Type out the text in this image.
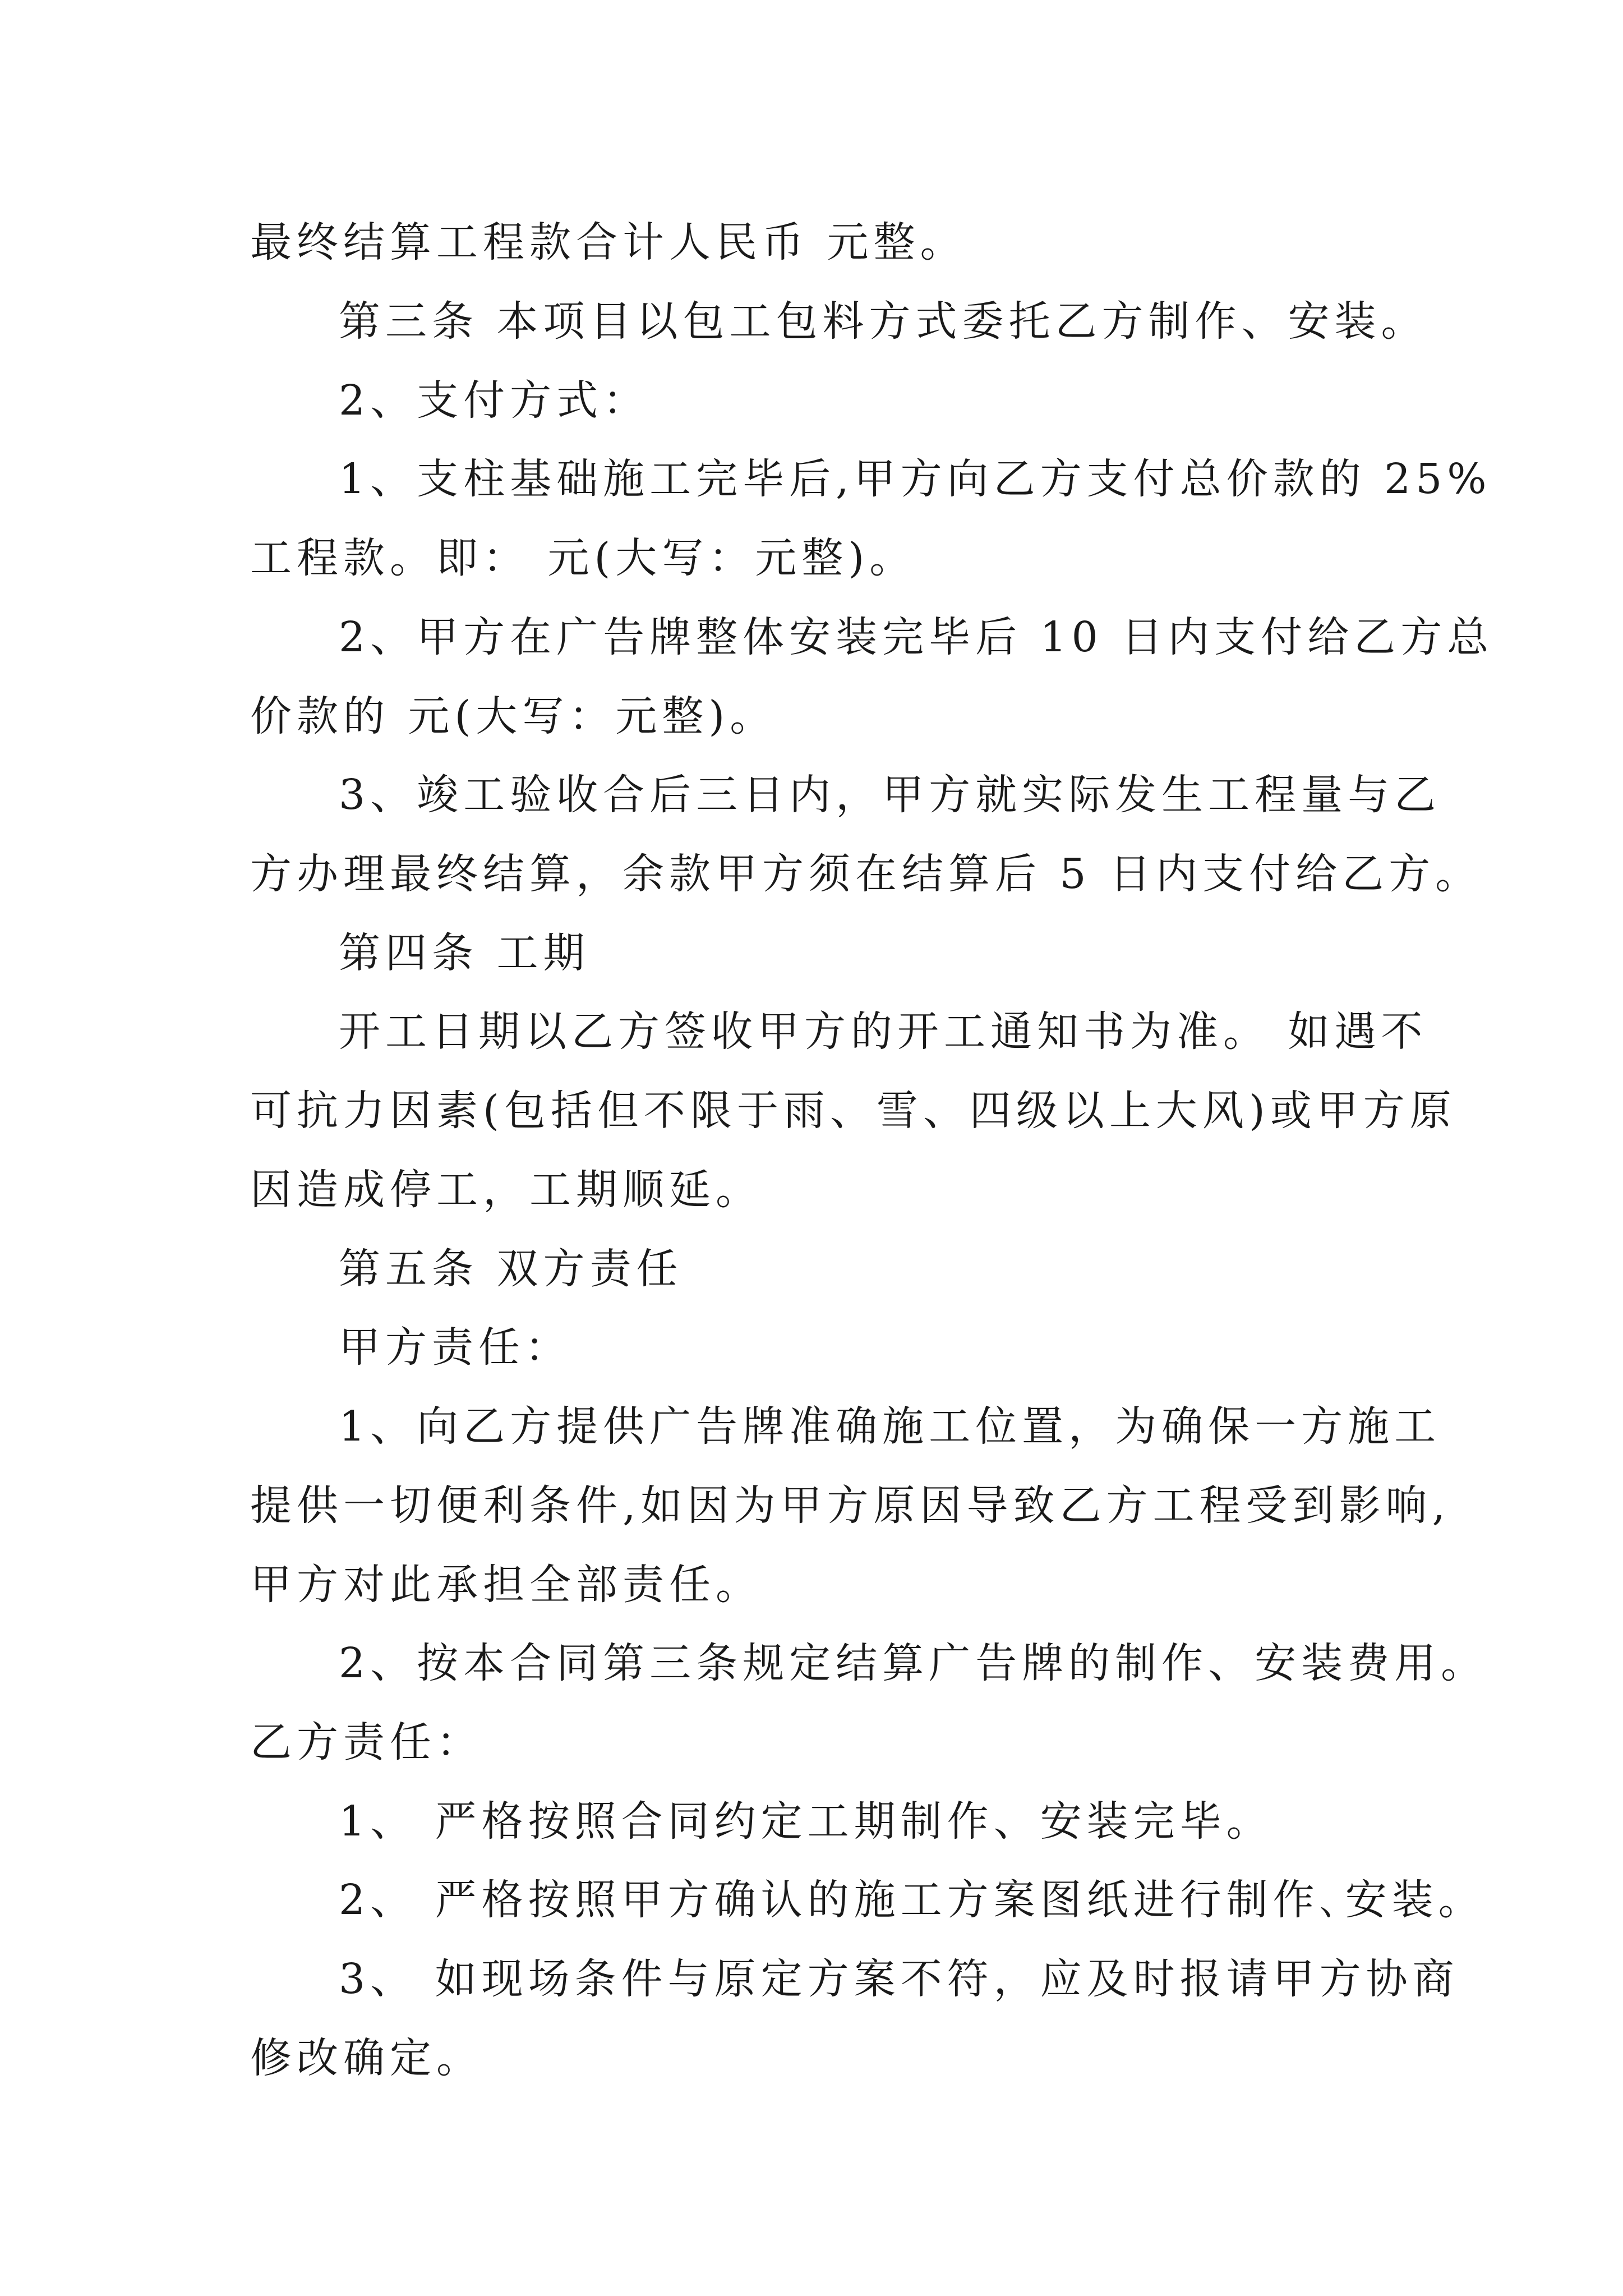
最终结算工程款合计人民币 元整。
第三条 本项目以包工包料方式委托乙方制作、安装。
2、支付方式：
1、支柱基础施工完毕后,甲方向乙方支付总价款的 25%
工程款。即： 元(大写：元整)。
2、甲方在广告牌整体安装完毕后 10 日内支付给乙方总
价款的 元(大写：元整)。
3、竣工验收合后三日内，甲方就实际发生工程量与乙
方办理最终结算，余款甲方须在结算后 5 日内支付给乙方。
第四条 工期
开工日期以乙方签收甲方的开工通知书为准。 如遇不
可抗力因素(包括但不限于雨、雪、四级以上大风)或甲方原
因造成停工，工期顺延。
第五条 双方责任
甲方责任：
1、向乙方提供广告牌准确施工位置，为确保一方施工
提供一切便利条件,如因为甲方原因导致乙方工程受到影响,
甲方对此承担全部责任。
2、按本合同第三条规定结算广告牌的制作、安装费用。
乙方责任：
1、 严格按照合同约定工期制作、安装完毕。
2、 严格按照甲方确认的施工方案图纸进行制作､安装。
3、 如现场条件与原定方案不符，应及时报请甲方协商
修改确定。
